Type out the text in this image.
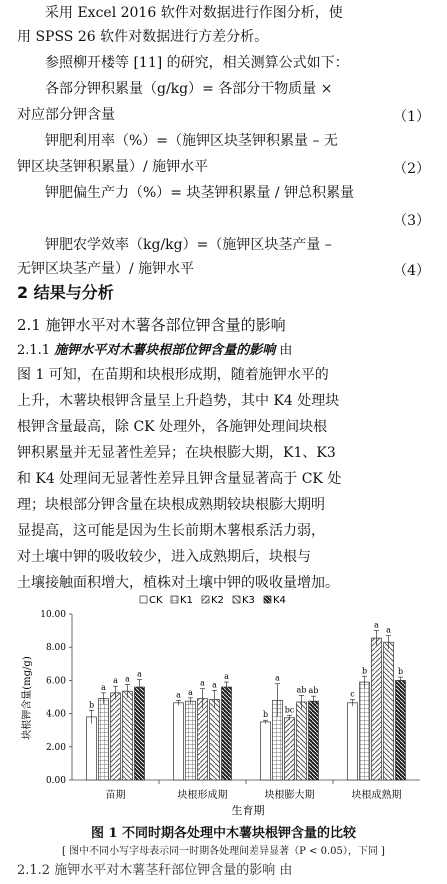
采用 Excel 2016 软件对数据进行作图分析，使
用 SPSS 26 软件对数据进行方差分析。
参照柳开楼等 [11] 的研究，相关测算公式如下：
各部分钾积累量（g/kg）= 各部分干物质量 ×
对应部分钾含量	（1）
钾肥利用率（%）=（施钾区块茎钾积累量 – 无
钾区块茎钾积累量）/ 施钾水平	（2）
钾肥偏生产力（%）= 块茎钾积累量 / 钾总积累量
（3）
钾肥农学效率（kg/kg）=（施钾区块茎产量 –
无钾区块茎产量）/ 施钾水平	（4）
2 结果与分析
2.1 施钾水平对木薯各部位钾含量的影响
2.1.1 施钾水平对木薯块根部位钾含量的影响 由
图 1 可知，在苗期和块根形成期，随着施钾水平的
上升，木薯块根钾含量呈上升趋势，其中 K4 处理块
根钾含量最高，除 CK 处理外，各施钾处理间块根
钾积累量并无显著性差异；在块根膨大期，K1、K3
和 K4 处理间无显著性差异且钾含量显著高于 CK 处
理；块根部分钾含量在块根成熟期较块根膨大期明
显提高，这可能是因为生长前期木薯根系活力弱，
对土壤中钾的吸收较少，进入成熟期后，块根与
土壤接触面积增大，植株对土壤中钾的吸收量增加。
CK K1 K2 K3 K4
0.00
2.00
4.00
6.00
8.00
10.00
苗期	块根形成期	块根膨大期	块根成熟期
b
a
a a
a
a a
a a
a
b
a
bc
ab ab	c
b
a
a
b
块根钾含量(mg/g)
生育期
图 1 不同时期各处理中木薯块根钾含量的比较
[ 图中不同小写字母表示同一时期各处理间差异显著（P < 0.05），下同 ]
2.1.2 施钾水平对木薯茎秆部位钾含量的影响 由
